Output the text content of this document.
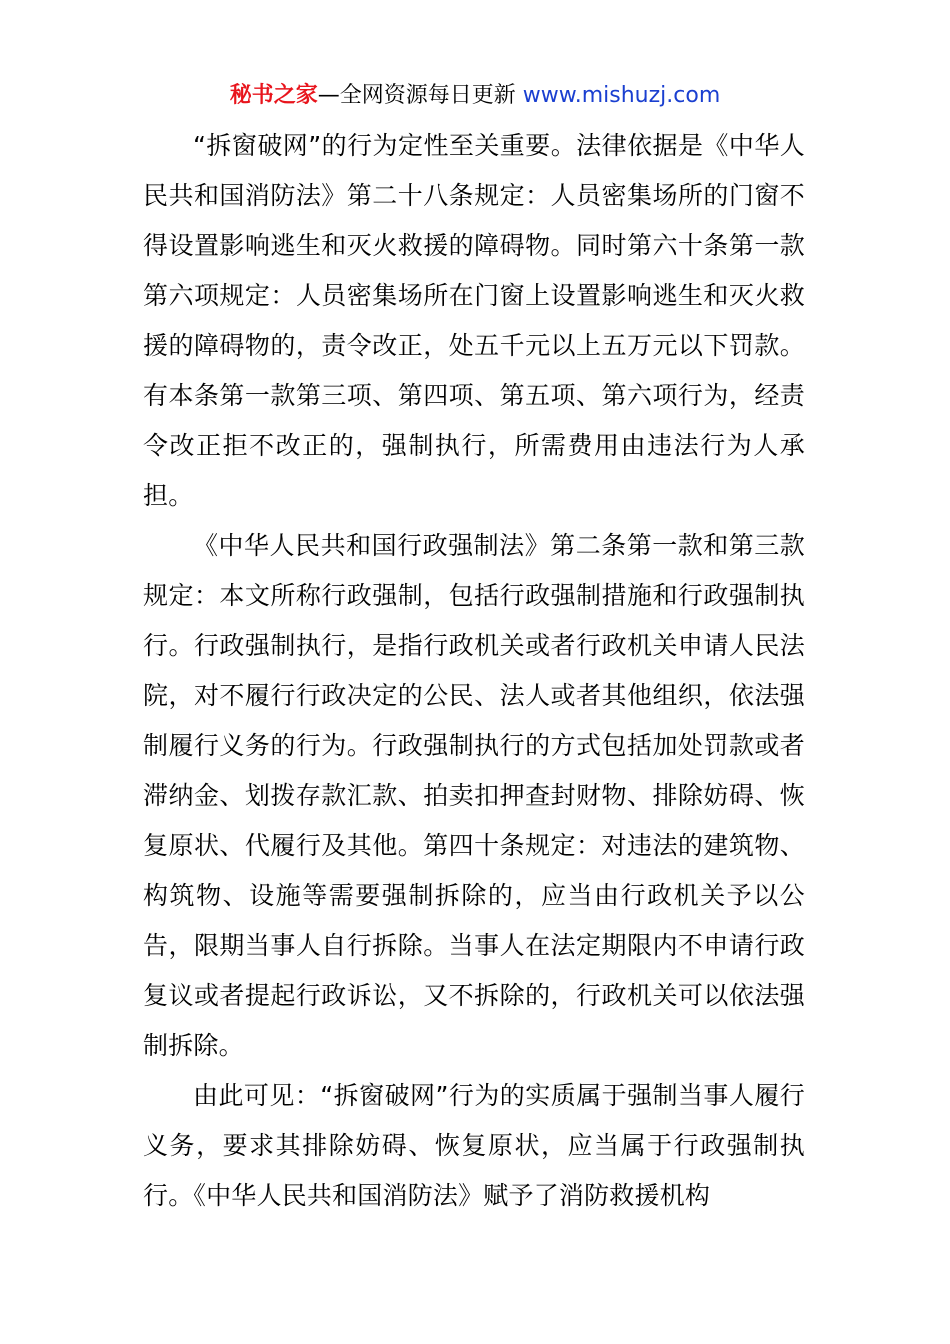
秘书之家—全网资源每日更新 www.mishuzj.com

“拆窗破网”的行为定性至关重要。法律依据是《中华人民共和国消防法》第二十八条规定：人员密集场所的门窗不得设置影响逃生和灭火救援的障碍物。同时第六十条第一款第六项规定：人员密集场所在门窗上设置影响逃生和灭火救援的障碍物的，责令改正，处五千元以上五万元以下罚款。有本条第一款第三项、第四项、第五项、第六项行为，经责令改正拒不改正的，强制执行，所需费用由违法行为人承担。

《中华人民共和国行政强制法》第二条第一款和第三款规定：本文所称行政强制，包括行政强制措施和行政强制执行。行政强制执行，是指行政机关或者行政机关申请人民法院，对不履行行政决定的公民、法人或者其他组织，依法强制履行义务的行为。行政强制执行的方式包括加处罚款或者滞纳金、划拨存款汇款、拍卖扣押查封财物、排除妨碍、恢复原状、代履行及其他。第四十条规定：对违法的建筑物、构筑物、设施等需要强制拆除的，应当由行政机关予以公告，限期当事人自行拆除。当事人在法定期限内不申请行政复议或者提起行政诉讼，又不拆除的，行政机关可以依法强制拆除。

由此可见：“拆窗破网”行为的实质属于强制当事人履行义务，要求其排除妨碍、恢复原状，应当属于行政强制执行。《中华人民共和国消防法》赋予了消防救援机构
